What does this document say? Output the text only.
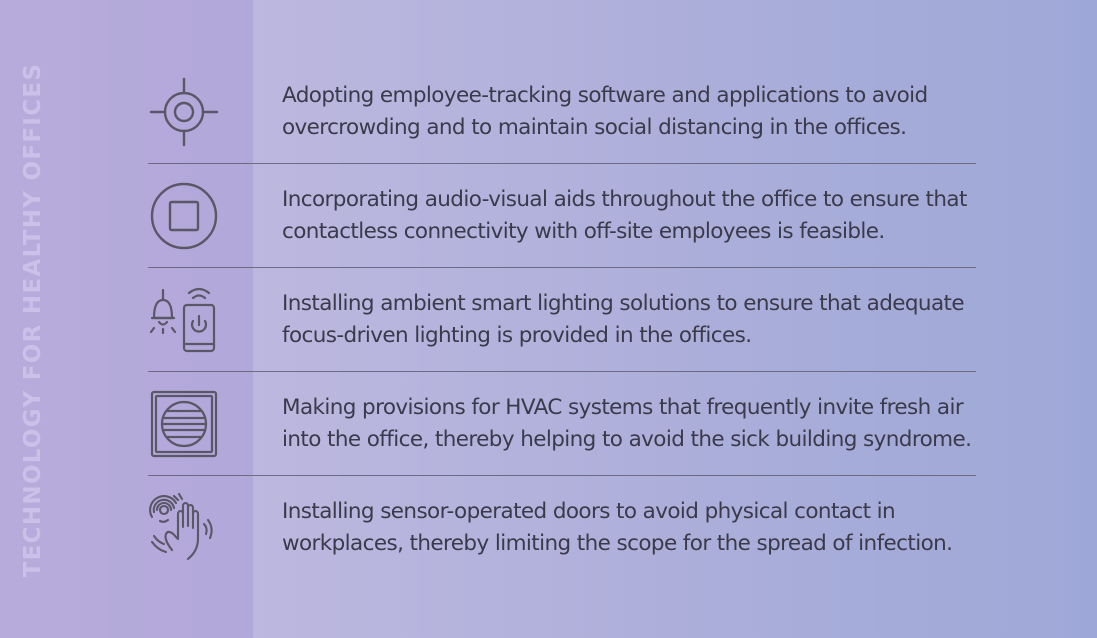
TECHNOLOGY FOR HEALTHY OFFICES	Adopting employee-tracking software and applications to avoid overcrowding and to maintain social distancing in the offices.

Incorporating audio-visual aids throughout the office to ensure that contactless connectivity with off-site employees is feasible.

Installing ambient smart lighting solutions to ensure that adequate focus-driven lighting is provided in the offices.

Making provisions for HVAC systems that frequently invite fresh air into the office, thereby helping to avoid the sick building syndrome.

Installing sensor-operated doors to avoid physical contact in workplaces, thereby limiting the scope for the spread of infection.
